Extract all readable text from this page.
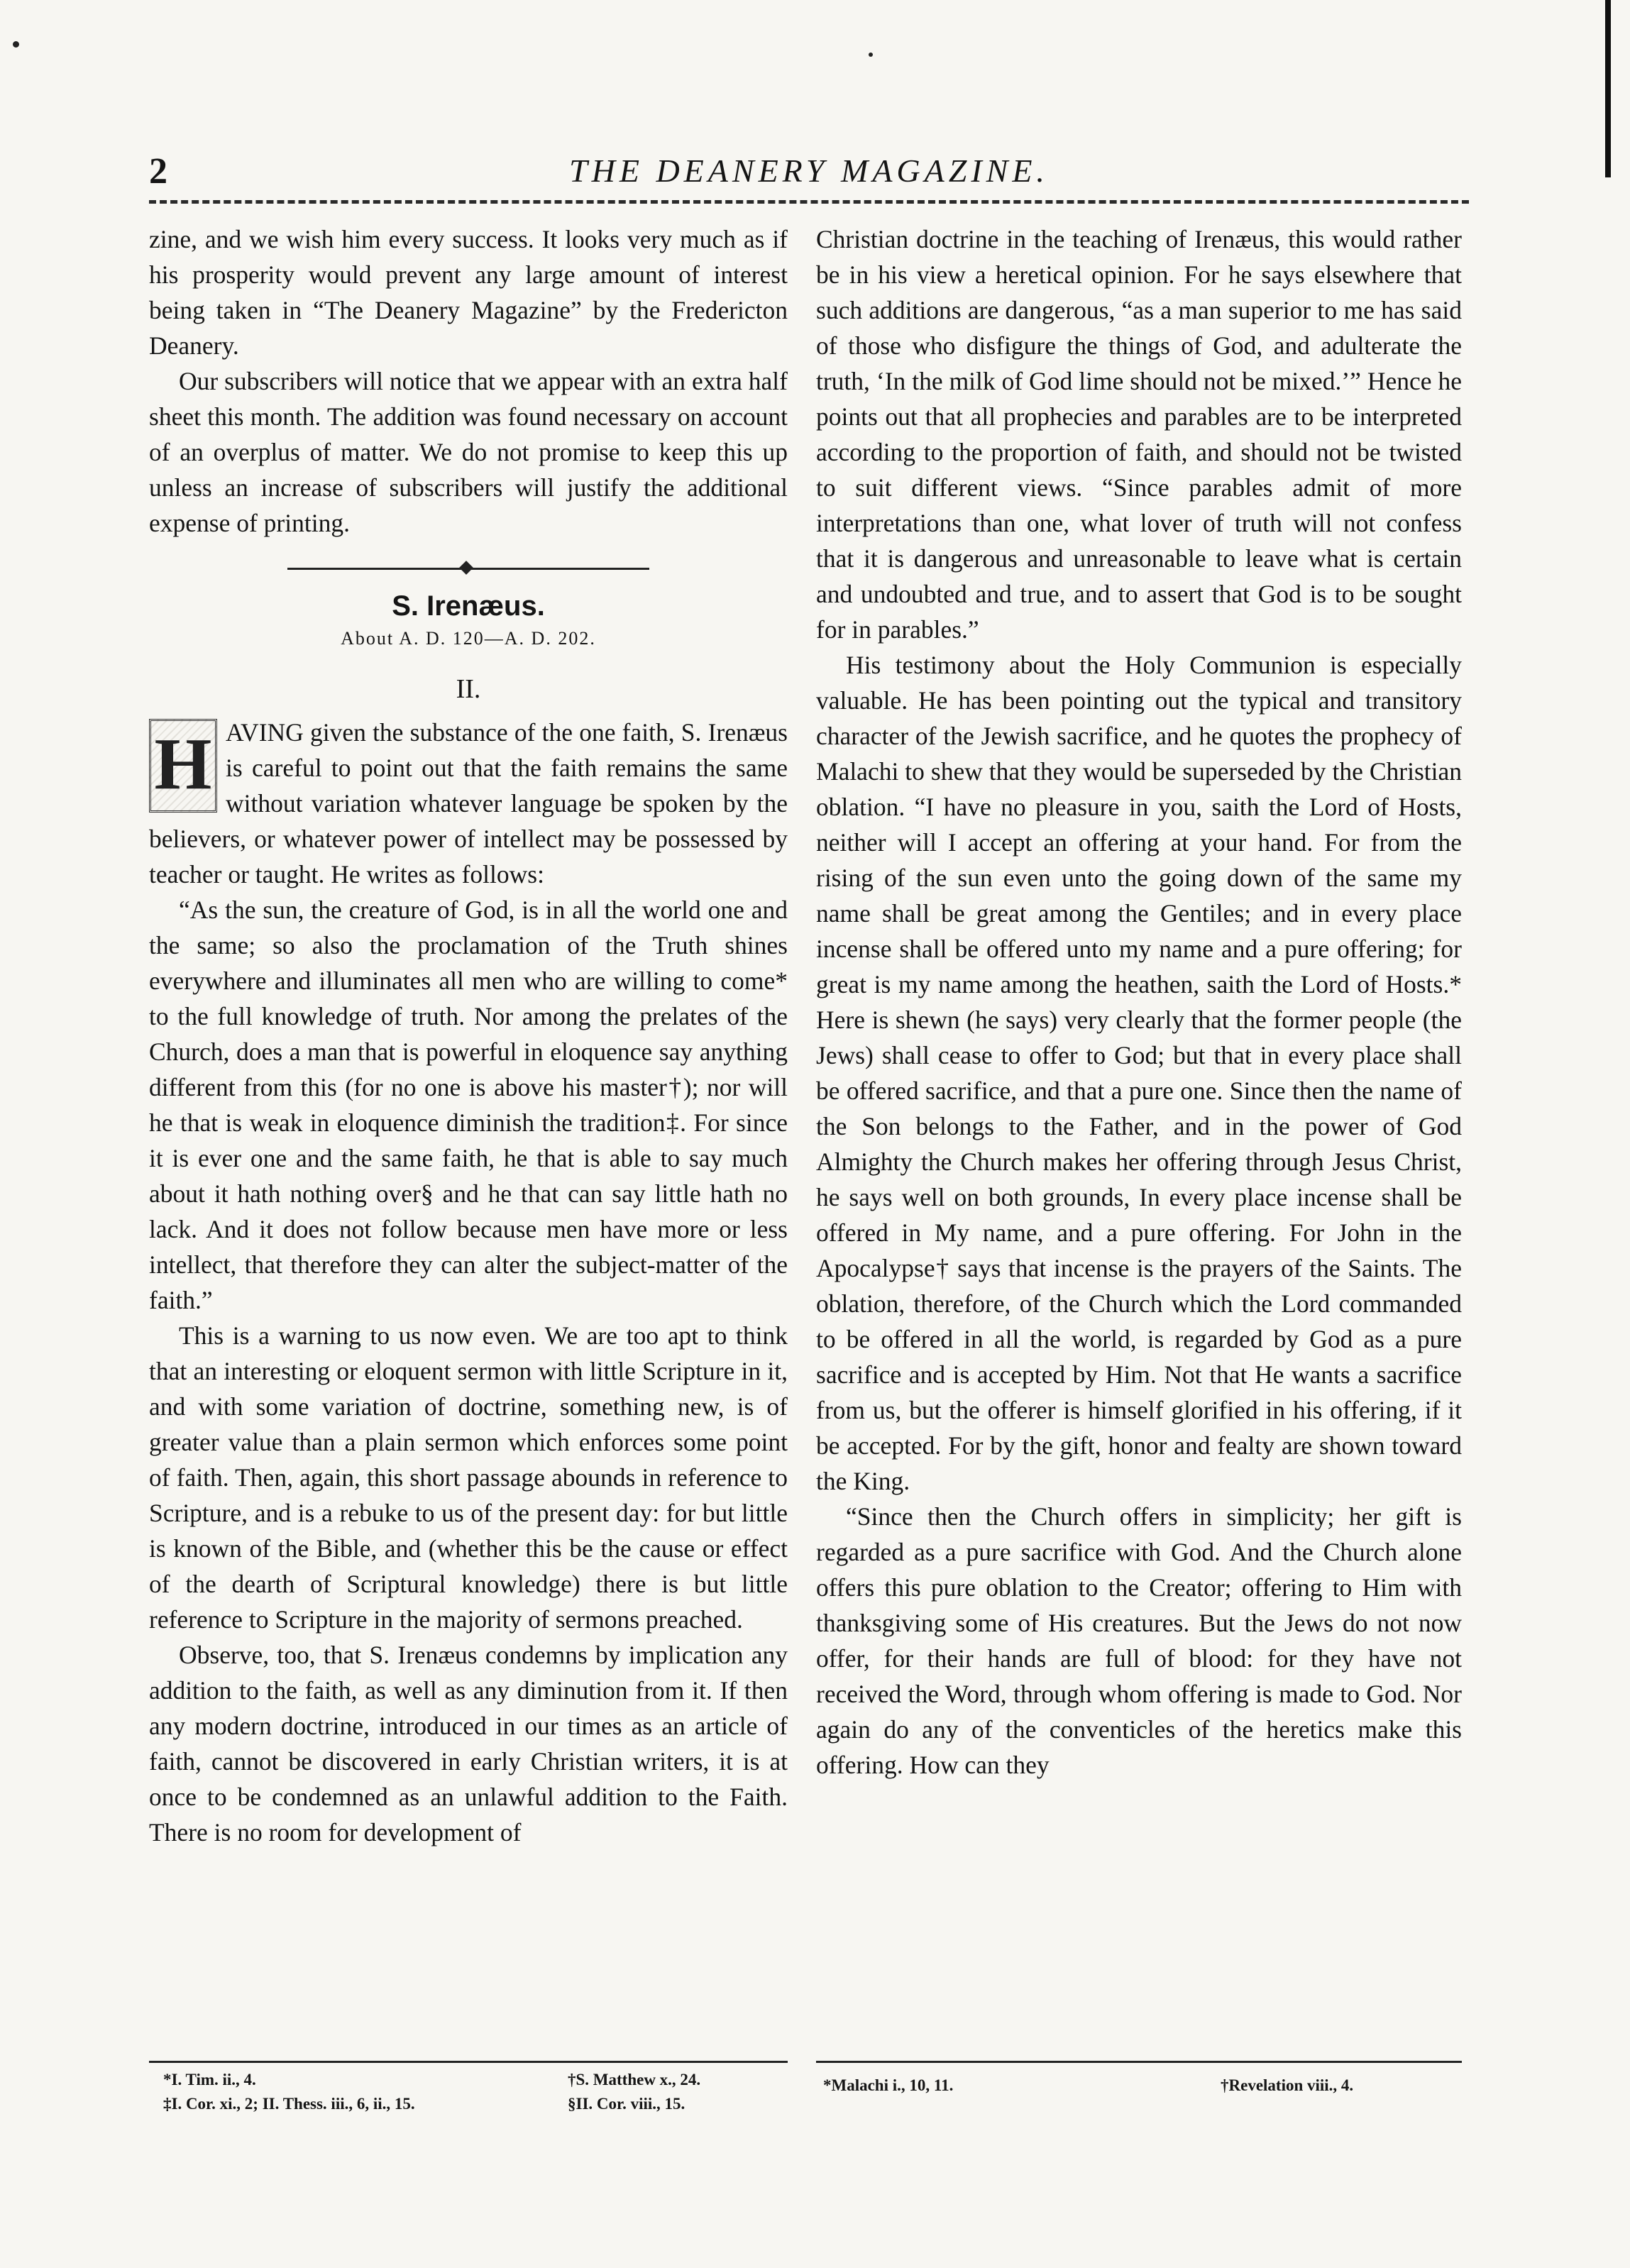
2	THE DEANERY MAGAZINE.

zine, and we wish him every success. It looks very much as if his prosperity would prevent any large amount of interest being taken in “The Deanery Magazine” by the Fredericton Deanery.

Our subscribers will notice that we appear with an extra half sheet this month. The addition was found necessary on account of an overplus of matter. We do not promise to keep this up unless an increase of subscribers will justify the additional expense of printing.

S. Irenæus.
About A. D. 120—A. D. 202.
II.
H AVING given the substance of the one faith, S. Irenæus is careful to point out that the faith remains the same without variation whatever language be spoken by the believers, or whatever power of intellect may be possessed by teacher or taught. He writes as follows:

“As the sun, the creature of God, is in all the world one and the same; so also the proclamation of the Truth shines everywhere and illuminates all men who are willing to come* to the full knowledge of truth. Nor among the prelates of the Church, does a man that is powerful in eloquence say anything different from this (for no one is above his master†); nor will he that is weak in eloquence diminish the tradition‡. For since it is ever one and the same faith, he that is able to say much about it hath nothing over§ and he that can say little hath no lack. And it does not follow because men have more or less intellect, that therefore they can alter the subject-matter of the faith.”

This is a warning to us now even. We are too apt to think that an interesting or eloquent sermon with little Scripture in it, and with some variation of doctrine, something new, is of greater value than a plain sermon which enforces some point of faith. Then, again, this short passage abounds in reference to Scripture, and is a rebuke to us of the present day: for but little is known of the Bible, and (whether this be the cause or effect of the dearth of Scriptural knowledge) there is but little reference to Scripture in the majority of sermons preached.

Observe, too, that S. Irenæus condemns by implication any addition to the faith, as well as any diminution from it. If then any modern doctrine, introduced in our times as an article of faith, cannot be discovered in early Christian writers, it is at once to be condemned as an unlawful addition to the Faith. There is no room for development of

Christian doctrine in the teaching of Irenæus, this would rather be in his view a heretical opinion. For he says elsewhere that such additions are dangerous, “as a man superior to me has said of those who disfigure the things of God, and adulterate the truth, ‘In the milk of God lime should not be mixed.’” Hence he points out that all prophecies and parables are to be interpreted according to the proportion of faith, and should not be twisted to suit different views. “Since parables admit of more interpretations than one, what lover of truth will not confess that it is dangerous and unreasonable to leave what is certain and undoubted and true, and to assert that God is to be sought for in parables.”

His testimony about the Holy Communion is especially valuable. He has been pointing out the typical and transitory character of the Jewish sacrifice, and he quotes the prophecy of Malachi to shew that they would be superseded by the Christian oblation. “I have no pleasure in you, saith the Lord of Hosts, neither will I accept an offering at your hand. For from the rising of the sun even unto the going down of the same my name shall be great among the Gentiles; and in every place incense shall be offered unto my name and a pure offering; for great is my name among the heathen, saith the Lord of Hosts.* Here is shewn (he says) very clearly that the former people (the Jews) shall cease to offer to God; but that in every place shall be offered sacrifice, and that a pure one. Since then the name of the Son belongs to the Father, and in the power of God Almighty the Church makes her offering through Jesus Christ, he says well on both grounds, In every place incense shall be offered in My name, and a pure offering. For John in the Apocalypse† says that incense is the prayers of the Saints. The oblation, therefore, of the Church which the Lord commanded to be offered in all the world, is regarded by God as a pure sacrifice and is accepted by Him. Not that He wants a sacrifice from us, but the offerer is himself glorified in his offering, if it be accepted. For by the gift, honor and fealty are shown toward the King.

“Since then the Church offers in simplicity; her gift is regarded as a pure sacrifice with God. And the Church alone offers this pure oblation to the Creator; offering to Him with thanksgiving some of His creatures. But the Jews do not now offer, for their hands are full of blood: for they have not received the Word, through whom offering is made to God. Nor again do any of the conventicles of the heretics make this offering. How can they

*I. Tim. ii., 4.	†S. Matthew x., 24.
‡I. Cor. xi., 2; II. Thess. iii., 6, ii., 15.	§II. Cor. viii., 15.
*Malachi i., 10, 11.	†Revelation viii., 4.
